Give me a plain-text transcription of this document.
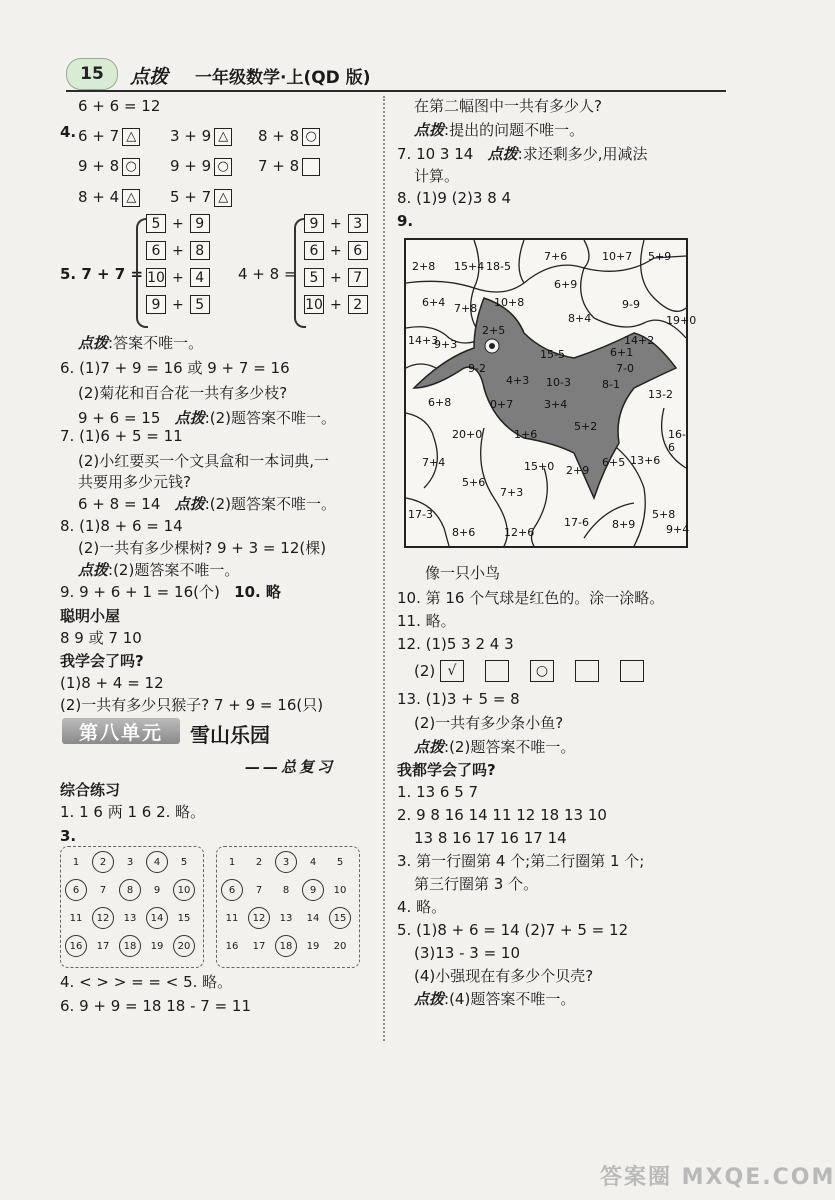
15	点拨 一年级数学·上(QD 版)
6 + 6 = 12
4. 6 + 7 △ 3 + 9 △ 8 + 8 ○
9 + 8 ○ 9 + 9 ○ 7 + 8
8 + 4 △ 5 + 7 △
5. 7 + 7 =
5 + 9
6 + 8
10 + 4
9 + 5
4 + 8 =
9 + 3
6 + 6
5 + 7
10 + 2
点拨:答案不唯一。
6. (1)7 + 9 = 16 或 9 + 7 = 16
(2)菊花和百合花一共有多少枝?
9 + 6 = 15 点拨:(2)题答案不唯一。
7. (1)6 + 5 = 11
(2)小红要买一个文具盒和一本词典,一
共要用多少元钱?
6 + 8 = 14 点拨:(2)题答案不唯一。
8. (1)8 + 6 = 14
(2)一共有多少棵树? 9 + 3 = 12(棵)
点拨:(2)题答案不唯一。
9. 9 + 6 + 1 = 16(个) 10. 略
聪明小屋
8 9 或 7 10
我学会了吗?
(1)8 + 4 = 12
(2)一共有多少只猴子? 7 + 9 = 16(只)
第八单元	雪山乐园
——总复习
综合练习
1. 1 6 两 1 6 2. 略。
3.
1	2	3	4	5
6	7	8	9	10
11	12	13	14	15
16	17	18	19	20
1	2	3	4	5
6	7	8	9	10
11	12	13	14	15
16	17	18	19	20
4. < > > = = < 5. 略。
6. 9 + 9 = 18 18 - 7 = 11
在第二幅图中一共有多少人?
点拨:提出的问题不唯一。
7. 10 3 14 点拨:求还剩多少,用减法
计算。
8. (1)9 (2)3 8 4
9.
2+8 15+4 18-5
7+6	10+7 5+9
6+9
6+4 7+8 10+8	9-9
8+4
14+3	14+2
2+5
15-5
9-2
4+3 10-3
6+8	0+7	3+4
8-1
13-2
20+0	1+6
5+2
16-6
7+4	6+5 13+6
5+6
15+0 2+9
7+3
17-3
8+6	12+6
17-6 8+9
5+8
9+4
19+0
9+3
6+1
7-0
像一只小鸟
10. 第 16 个气球是红色的。涂一涂略。
11. 略。
12. (1)5 3 2 4 3
(2) √	○
13. (1)3 + 5 = 8
(2)一共有多少条小鱼?
点拨:(2)题答案不唯一。
我都学会了吗?
1. 13 6 5 7
2. 9 8 16 14 11 12 18 13 10
13 8 16 17 16 17 14
3. 第一行圈第 4 个;第二行圈第 1 个;
第三行圈第 3 个。
4. 略。
5. (1)8 + 6 = 14 (2)7 + 5 = 12
(3)13 - 3 = 10
(4)小强现在有多少个贝壳?
点拨:(4)题答案不唯一。
答案圈 MXQE.COM
